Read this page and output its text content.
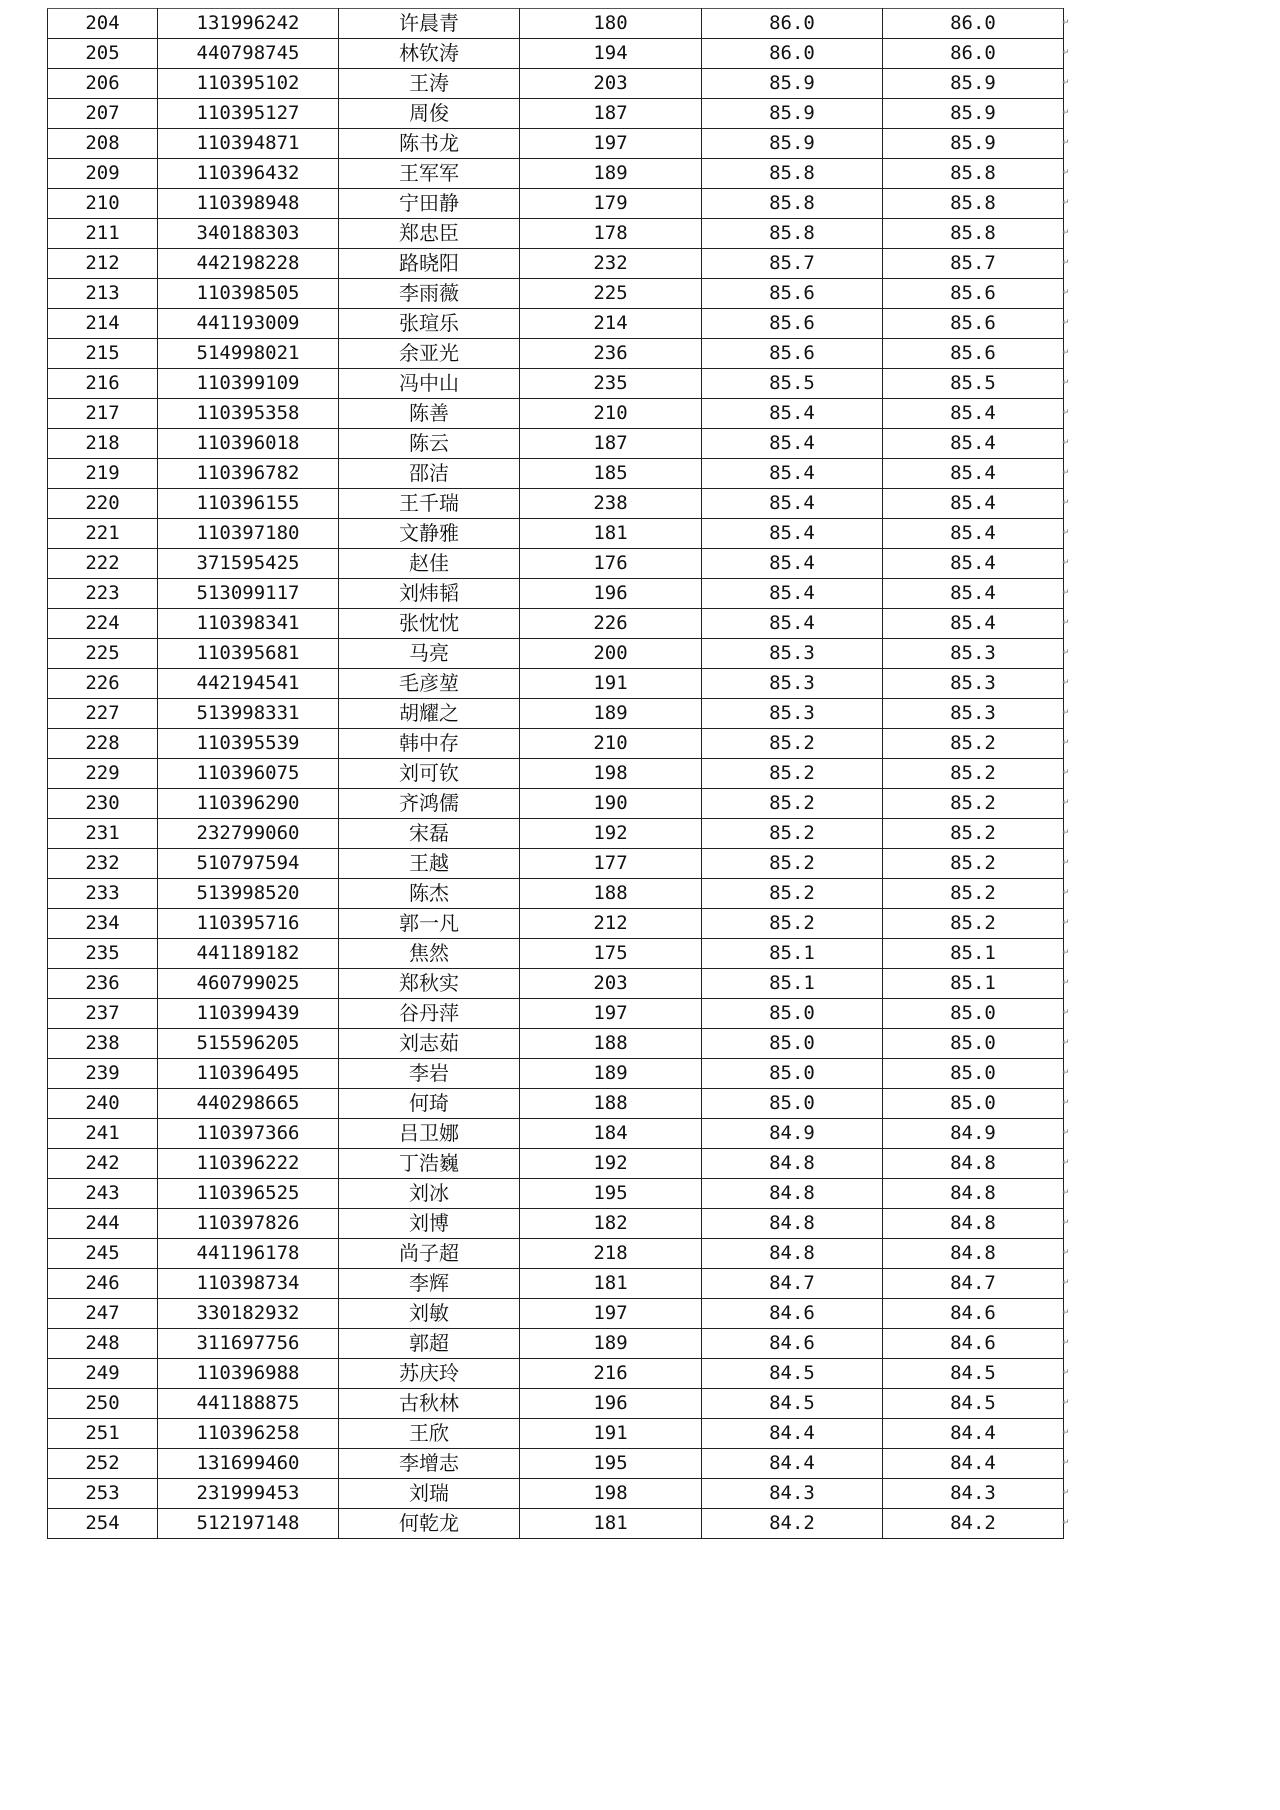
204	131996242	许晨青	180	86.0	86.0
205	440798745	林钦涛	194	86.0	86.0
206	110395102	王涛	203	85.9	85.9
207	110395127	周俊	187	85.9	85.9
208	110394871	陈书龙	197	85.9	85.9
209	110396432	王军军	189	85.8	85.8
210	110398948	宁田静	179	85.8	85.8
211	340188303	郑忠臣	178	85.8	85.8
212	442198228	路晓阳	232	85.7	85.7
213	110398505	李雨薇	225	85.6	85.6
214	441193009	张瑄乐	214	85.6	85.6
215	514998021	余亚光	236	85.6	85.6
216	110399109	冯中山	235	85.5	85.5
217	110395358	陈善	210	85.4	85.4
218	110396018	陈云	187	85.4	85.4
219	110396782	邵洁	185	85.4	85.4
220	110396155	王千瑞	238	85.4	85.4
221	110397180	文静雅	181	85.4	85.4
222	371595425	赵佳	176	85.4	85.4
223	513099117	刘炜韬	196	85.4	85.4
224	110398341	张忱忱	226	85.4	85.4
225	110395681	马亮	200	85.3	85.3
226	442194541	毛彦堃	191	85.3	85.3
227	513998331	胡耀之	189	85.3	85.3
228	110395539	韩中存	210	85.2	85.2
229	110396075	刘可钦	198	85.2	85.2
230	110396290	齐鸿儒	190	85.2	85.2
231	232799060	宋磊	192	85.2	85.2
232	510797594	王越	177	85.2	85.2
233	513998520	陈杰	188	85.2	85.2
234	110395716	郭一凡	212	85.2	85.2
235	441189182	焦然	175	85.1	85.1
236	460799025	郑秋实	203	85.1	85.1
237	110399439	谷丹萍	197	85.0	85.0
238	515596205	刘志茹	188	85.0	85.0
239	110396495	李岩	189	85.0	85.0
240	440298665	何琦	188	85.0	85.0
241	110397366	吕卫娜	184	84.9	84.9
242	110396222	丁浩巍	192	84.8	84.8
243	110396525	刘冰	195	84.8	84.8
244	110397826	刘博	182	84.8	84.8
245	441196178	尚子超	218	84.8	84.8
246	110398734	李辉	181	84.7	84.7
247	330182932	刘敏	197	84.6	84.6
248	311697756	郭超	189	84.6	84.6
249	110396988	苏庆玲	216	84.5	84.5
250	441188875	古秋林	196	84.5	84.5
251	110396258	王欣	191	84.4	84.4
252	131699460	李增志	195	84.4	84.4
253	231999453	刘瑞	198	84.3	84.3
254	512197148	何乾龙	181	84.2	84.2
↵
↵
↵
↵
↵
↵
↵
↵
↵
↵
↵
↵
↵
↵
↵
↵
↵
↵
↵
↵
↵
↵
↵
↵
↵
↵
↵
↵
↵
↵
↵
↵
↵
↵
↵
↵
↵
↵
↵
↵
↵
↵
↵
↵
↵
↵
↵
↵
↵
↵
↵
